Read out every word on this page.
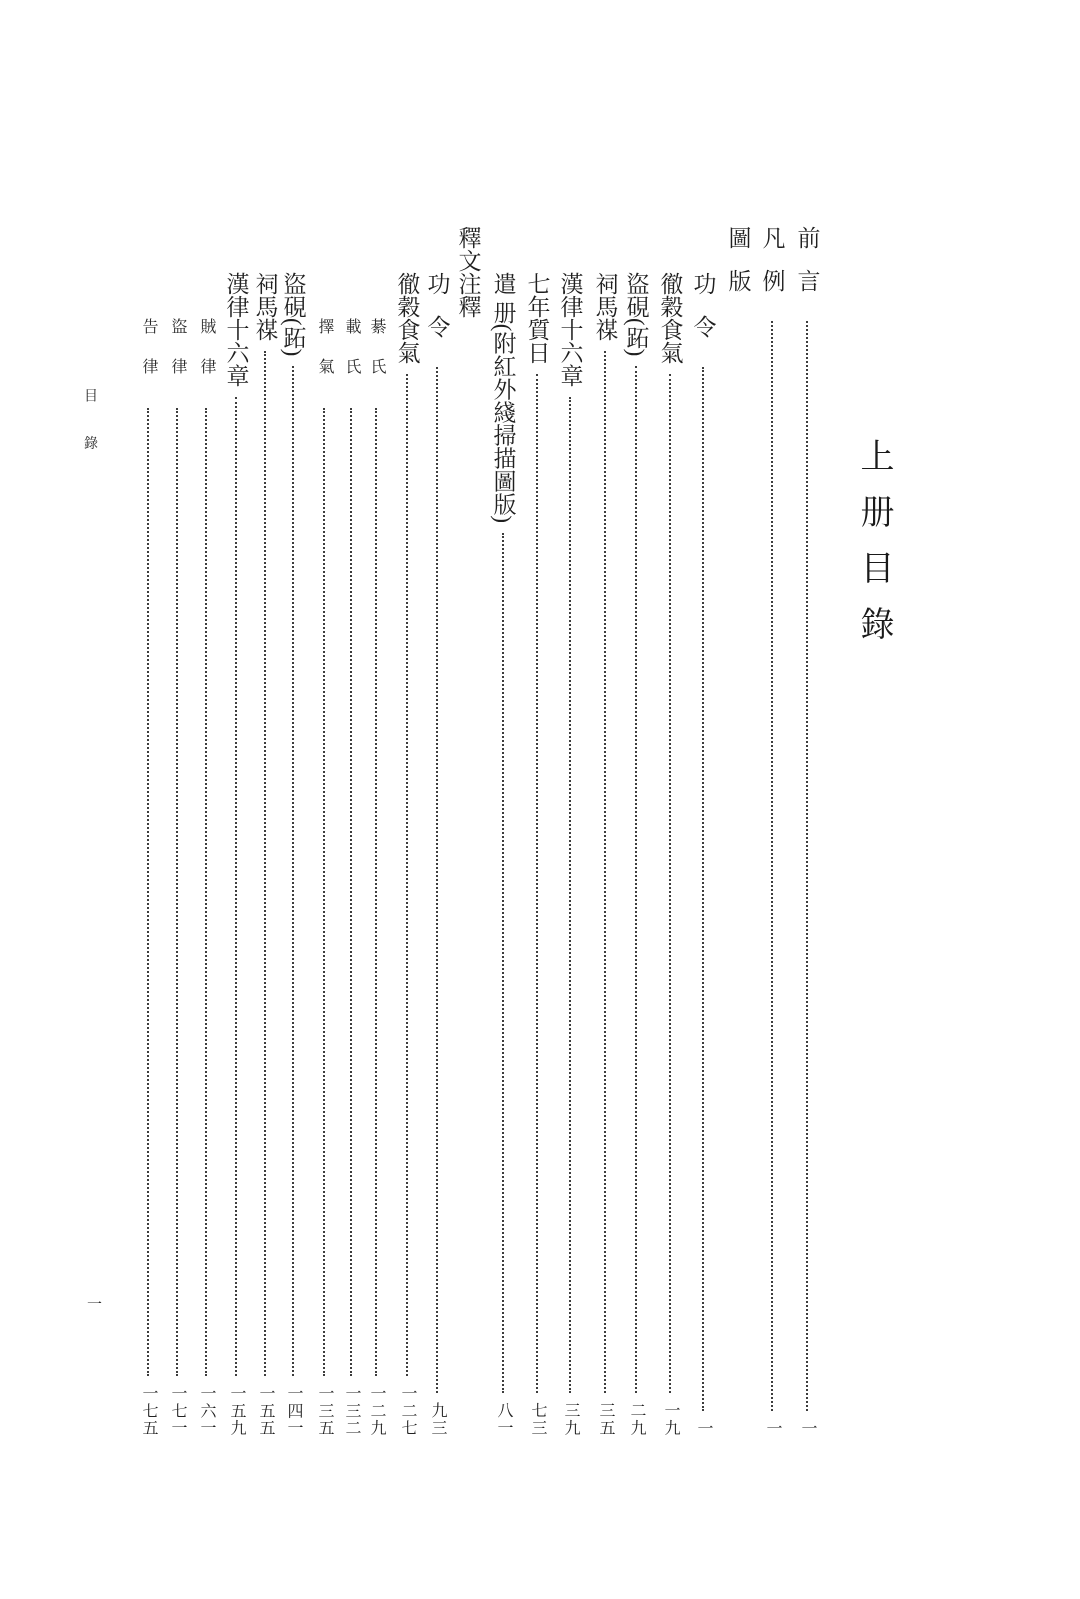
上册目錄
目錄
一
前言
一
凡例
一
圖版
功令
一
徹穀食氣
一九
盜硯(跖)
二九
祠馬禖
三五
漢律十六章
三九
七年質日
七三
遣 册(附紅外綫掃描圖版)
八一
釋文注釋
功令
九三
徹穀食氣
一二七
綦氏
一二九
載氏
一三二
擇氣
一三五
盜硯(跖)
一四一
祠馬禖
一五五
漢律十六章
一五九
賊律
一六一
盜律
一七一
告律
一七五
